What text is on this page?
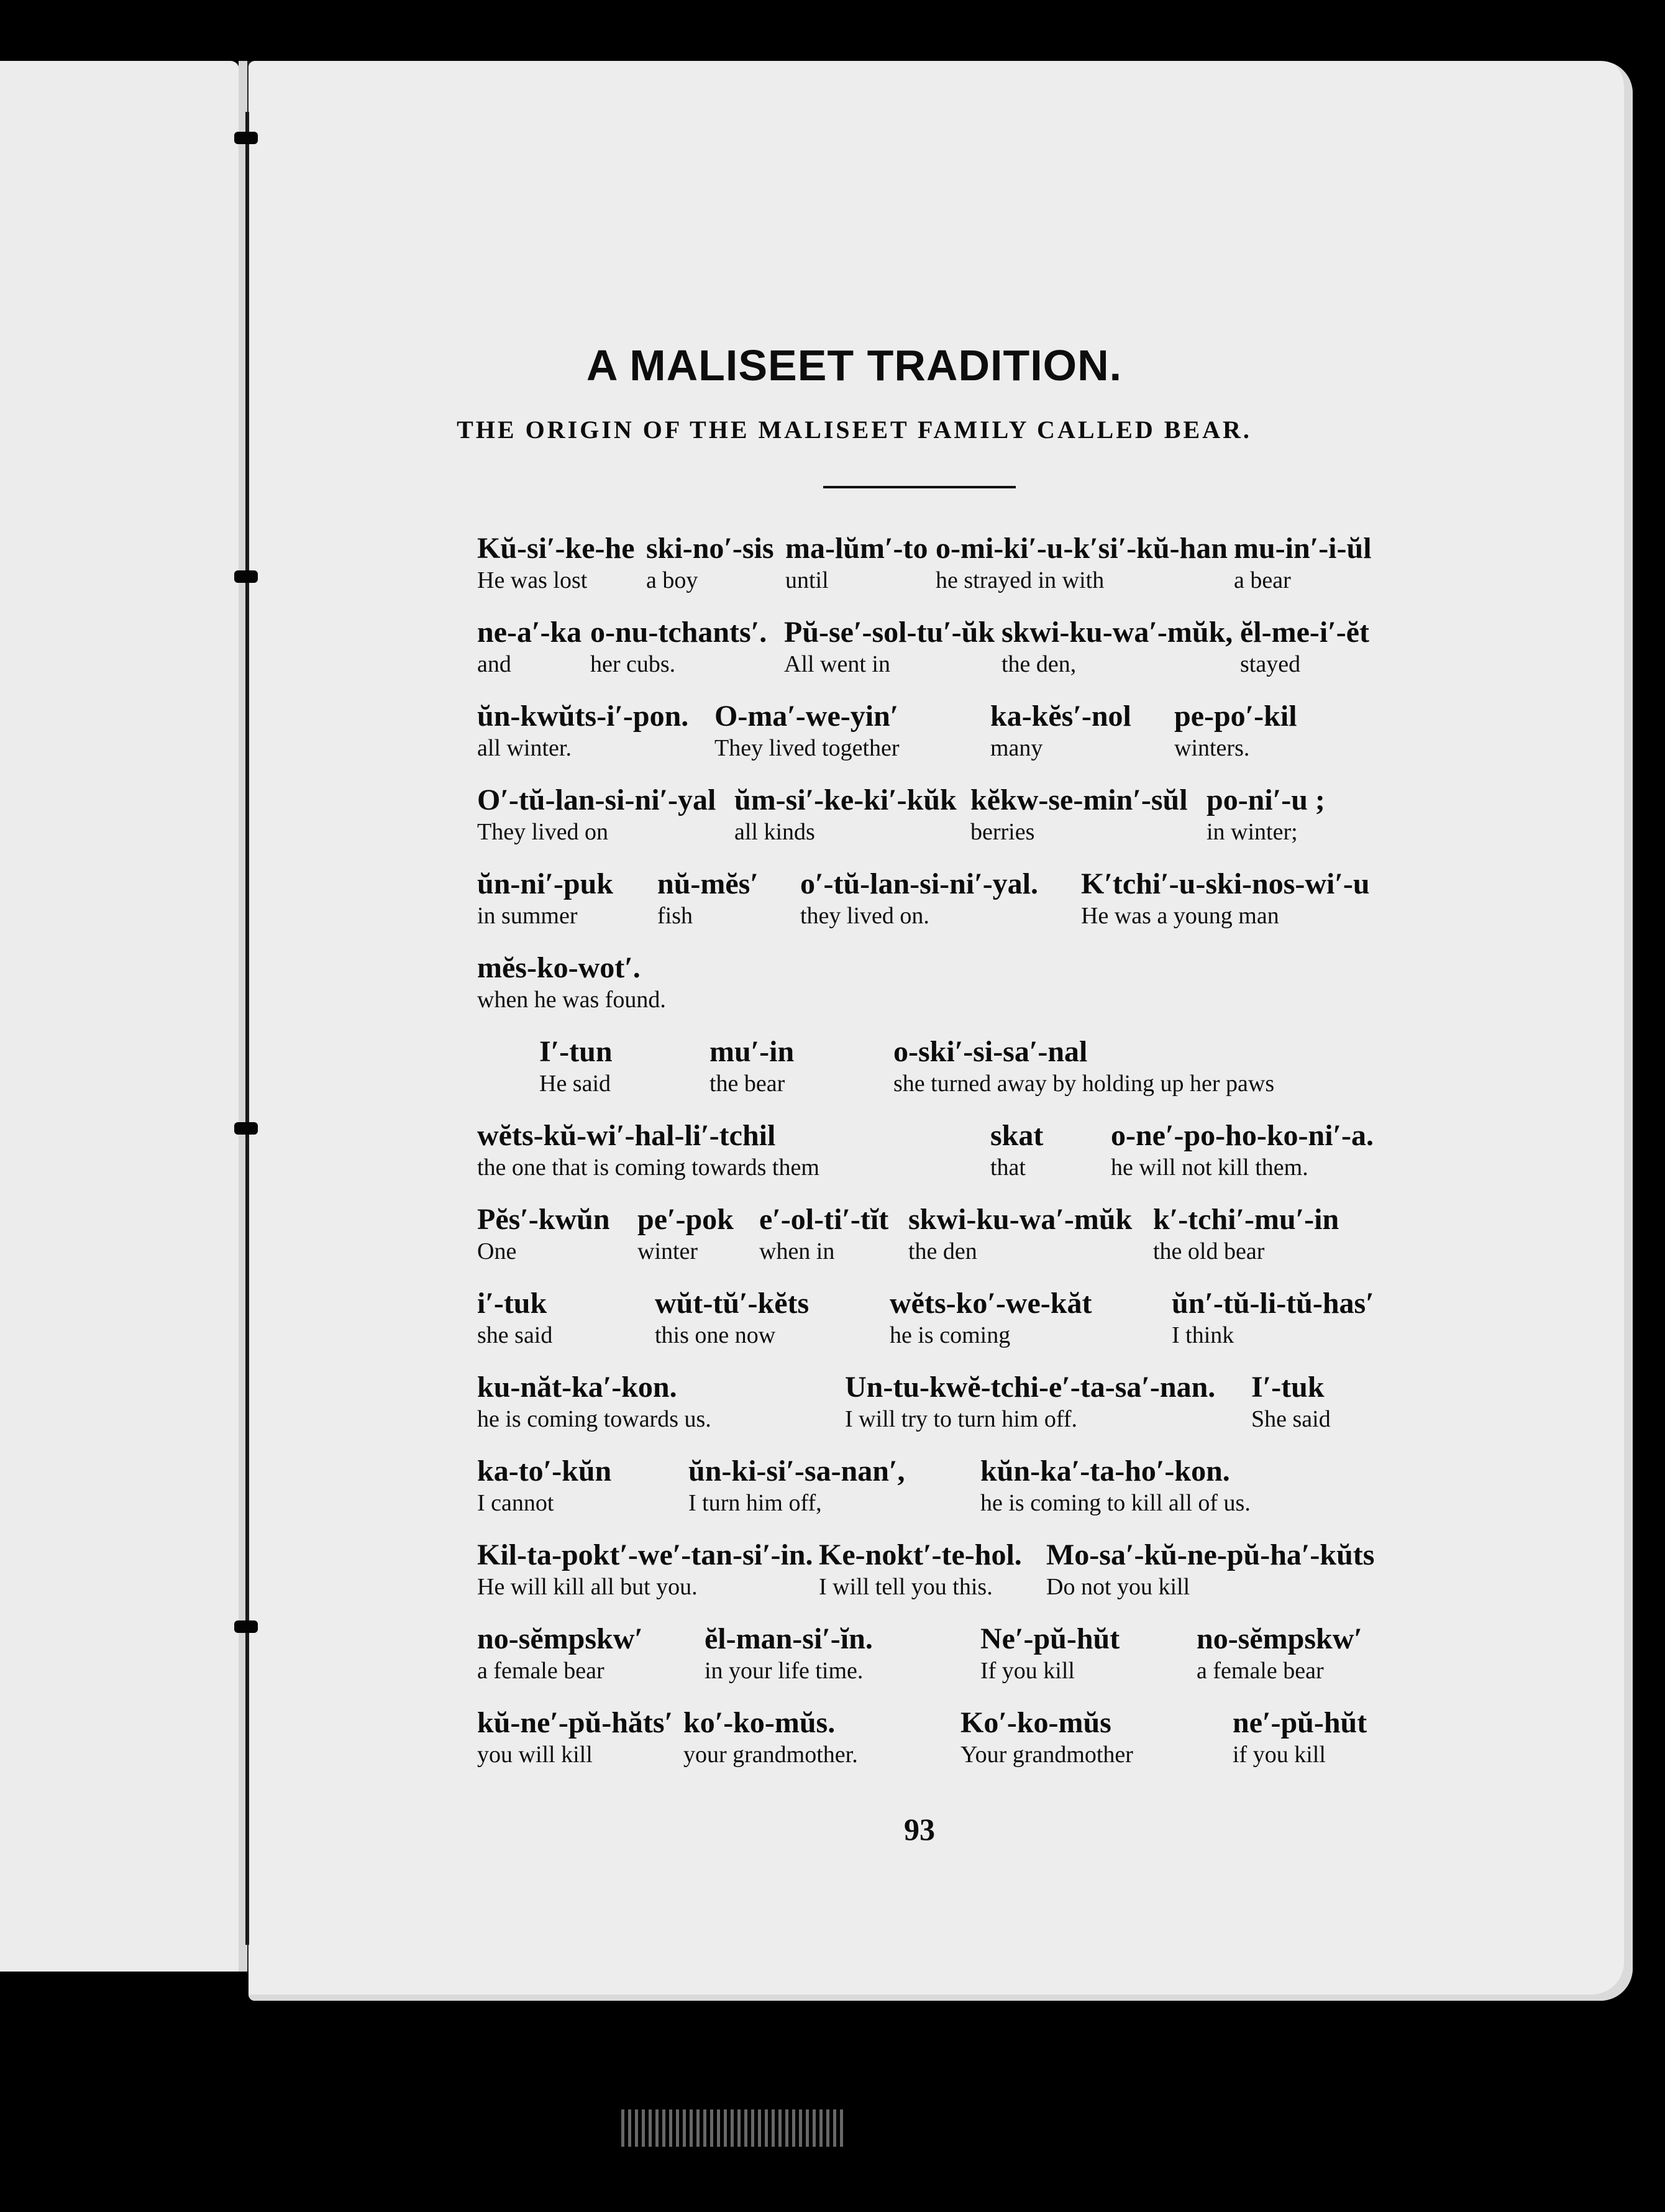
A MALISEET TRADITION.
THE ORIGIN OF THE MALISEET FAMILY CALLED BEAR.
Kŭ-si′-ke-he
He was lost
ski-no′-sis
a boy
ma-lŭm′-to
until
o-mi-ki′-u-k′si′-kŭ-han
he strayed in with
mu-in′-i-ŭl
a bear
ne-a′-ka
and
o-nu-tchants′.
her cubs.
Pŭ-se′-sol-tu′-ŭk
All went in
skwi-ku-wa′-mŭk,
the den,
ĕl-me-i′-ĕt
stayed
ŭn-kwŭts-i′-pon.
all winter.
O-ma′-we-yin′
They lived together
ka-kĕs′-nol
many
pe-po′-kil
winters.
O′-tŭ-lan-si-ni′-yal
They lived on
ŭm-si′-ke-ki′-kŭk
all kinds
kĕkw-se-min′-sŭl
berries
po-ni′-u ;
in winter;
ŭn-ni′-puk
in summer
nŭ-mĕs′
fish
o′-tŭ-lan-si-ni′-yal.
they lived on.
K′tchi′-u-ski-nos-wi′-u
He was a young man
mĕs-ko-wot′.
when he was found.
I′-tun
He said
mu′-in
the bear
o-ski′-si-sa′-nal
she turned away by holding up her paws
wĕts-kŭ-wi′-hal-li′-tchil
the one that is coming towards them
skat
that
o-ne′-po-ho-ko-ni′-a.
he will not kill them.
Pĕs′-kwŭn
One
pe′-pok
winter
e′-ol-ti′-tĭt
when in
skwi-ku-wa′-mŭk
the den
k′-tchi′-mu′-in
the old bear
i′-tuk
she said
wŭt-tŭ′-kĕts
this one now
wĕts-ko′-we-kăt
he is coming
ŭn′-tŭ-li-tŭ-has′
I think
ku-năt-ka′-kon.
he is coming towards us.
Un-tu-kwĕ-tchi-e′-ta-sa′-nan.
I will try to turn him off.
I′-tuk
She said
ka-to′-kŭn
I cannot
ŭn-ki-si′-sa-nan′,
I turn him off,
kŭn-ka′-ta-ho′-kon.
he is coming to kill all of us.
Kil-ta-pokt′-we′-tan-si′-in.
He will kill all but you.
Ke-nokt′-te-hol.
I will tell you this.
Mo-sa′-kŭ-ne-pŭ-ha′-kŭts
Do not you kill
no-sĕmpskw′
a female bear
ĕl-man-si′-ĭn.
in your life time.
Ne′-pŭ-hŭt
If you kill
no-sĕmpskw′
a female bear
kŭ-ne′-pŭ-hăts′
you will kill
ko′-ko-mŭs.
your grandmother.
Ko′-ko-mŭs
Your grandmother
ne′-pŭ-hŭt
if you kill
93
